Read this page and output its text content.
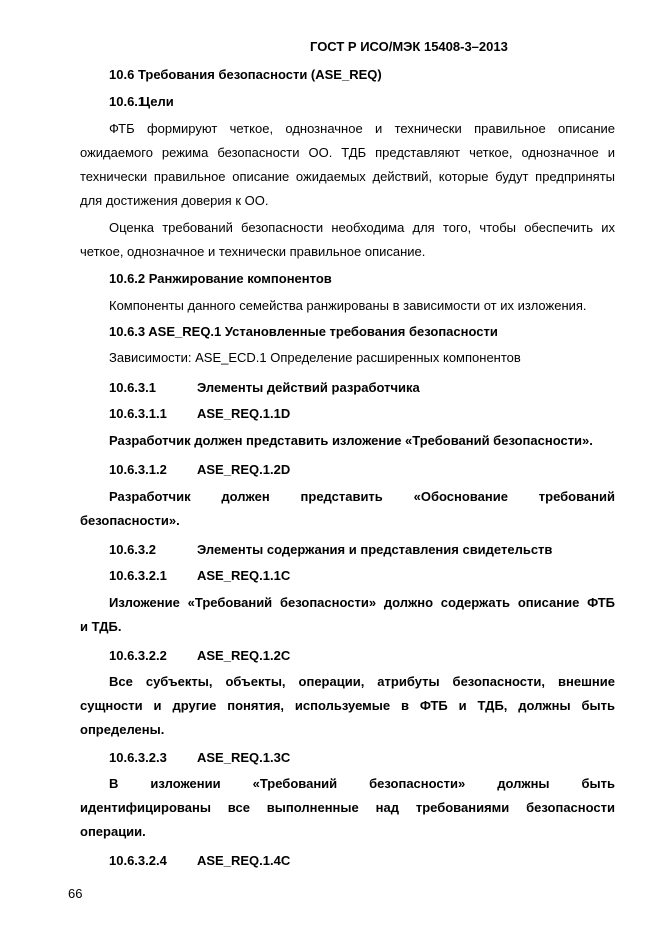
ГОСТ Р ИСО/МЭК 15408-3–2013

10.6 Требования безопасности (ASE_REQ)

10.6.1 Цели

ФТБ формируют четкое, однозначное и технически правильное описание

ожидаемого режима безопасности ОО. ТДБ представляют четкое, однозначное и

технически правильное описание ожидаемых действий, которые будут предприняты

для достижения доверия к ОО.

Оценка требований безопасности необходима для того, чтобы обеспечить их

четкое, однозначное и технически правильное описание.

10.6.2 Ранжирование компонентов

Компоненты данного семейства ранжированы в зависимости от их изложения.

10.6.3 ASE_REQ.1 Установленные требования безопасности

Зависимости: ASE_ECD.1 Определение расширенных компонентов

10.6.3.1	Элементы действий разработчика

10.6.3.1.1 ASE_REQ.1.1D

Разработчик должен представить изложение «Требований безопасности».

10.6.3.1.2 ASE_REQ.1.2D

Разработчик должен представить «Обоснование требований

безопасности».

10.6.3.2	Элементы содержания и представления свидетельств

10.6.3.2.1 ASE_REQ.1.1C

Изложение «Требований безопасности» должно содержать описание ФТБ

и ТДБ.

10.6.3.2.2 ASE_REQ.1.2C

Все субъекты, объекты, операции, атрибуты безопасности, внешние

сущности и другие понятия, используемые в ФТБ и ТДБ, должны быть

определены.

10.6.3.2.3 ASE_REQ.1.3C

В изложении «Требований безопасности» должны быть

идентифицированы все выполненные над требованиями безопасности

операции.

10.6.3.2.4 ASE_REQ.1.4C

66
